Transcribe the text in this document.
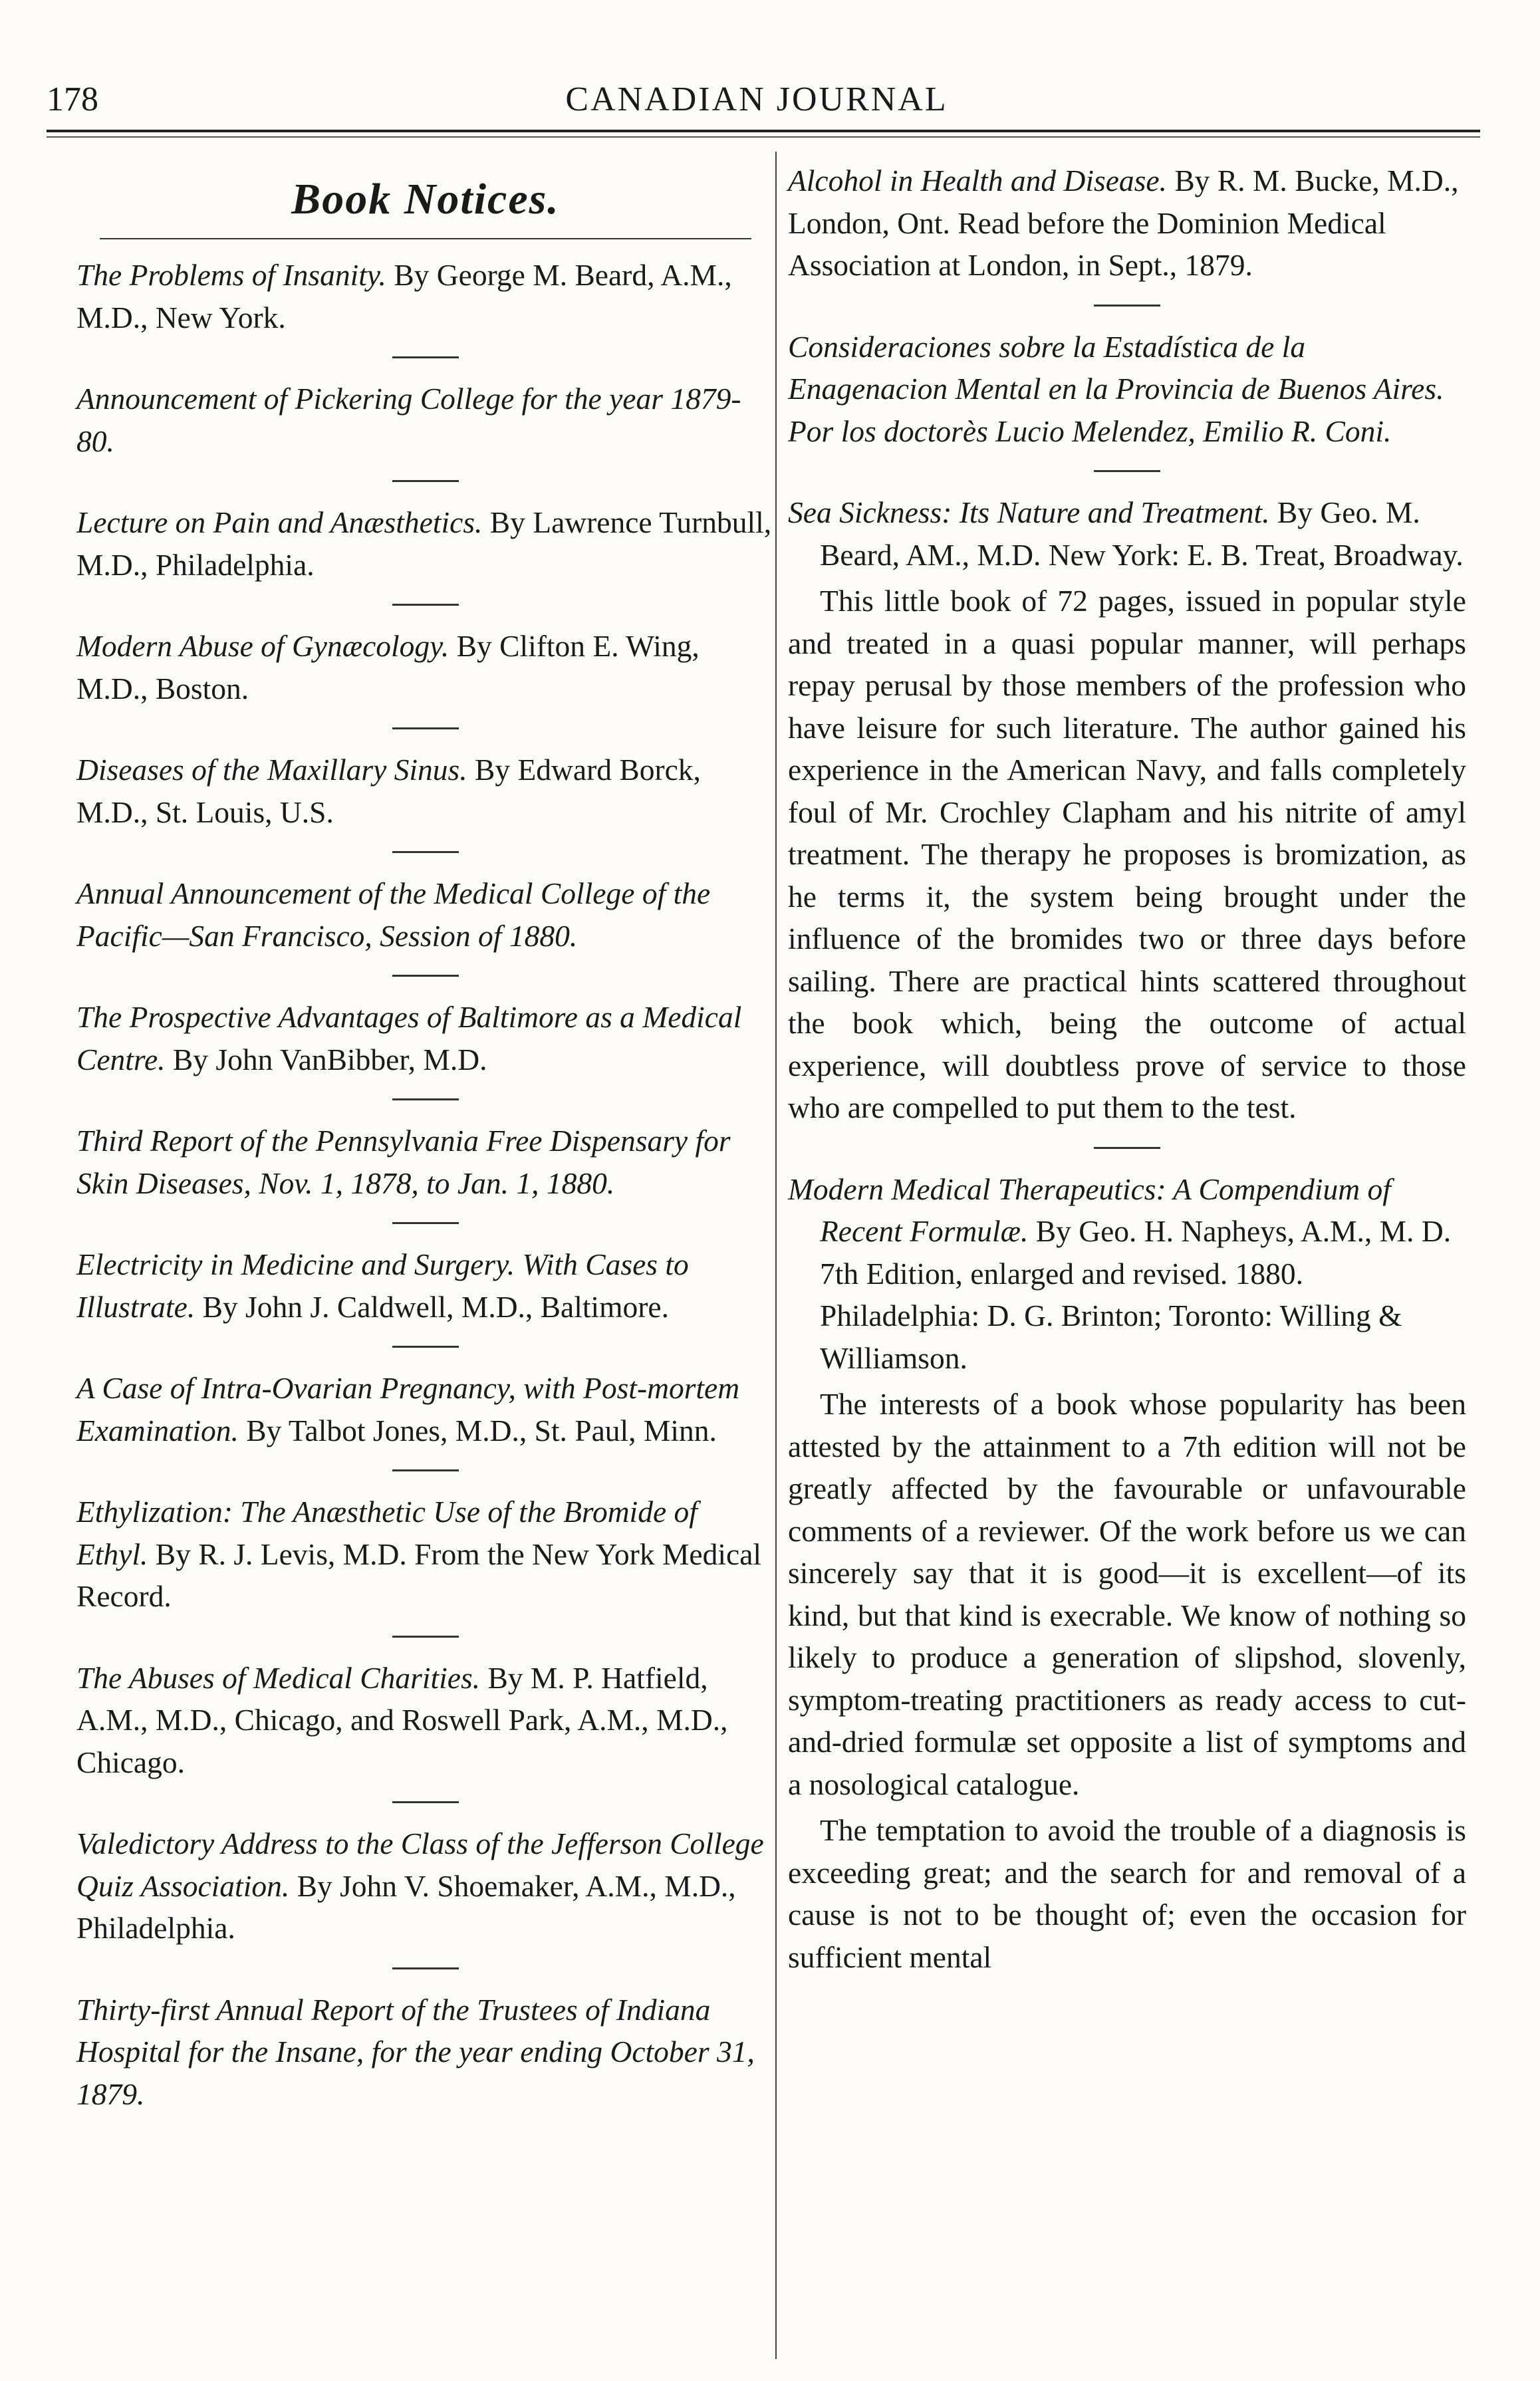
178	CANADIAN JOURNAL
Book Notices.
The Problems of Insanity. By George M. Beard, A.M., M.D., New York.
Announcement of Pickering College for the year 1879-80.
Lecture on Pain and Anæsthetics. By Lawrence Turnbull, M.D., Philadelphia.
Modern Abuse of Gynæcology. By Clifton E. Wing, M.D., Boston.
Diseases of the Maxillary Sinus. By Edward Borck, M.D., St. Louis, U.S.
Annual Announcement of the Medical College of the Pacific—San Francisco, Session of 1880.
The Prospective Advantages of Baltimore as a Medical Centre. By John VanBibber, M.D.
Third Report of the Pennsylvania Free Dispensary for Skin Diseases, Nov. 1, 1878, to Jan. 1, 1880.
Electricity in Medicine and Surgery. With Cases to Illustrate. By John J. Caldwell, M.D., Baltimore.
A Case of Intra-Ovarian Pregnancy, with Post-mortem Examination. By Talbot Jones, M.D., St. Paul, Minn.
Ethylization: The Anæsthetic Use of the Bromide of Ethyl. By R. J. Levis, M.D. From the New York Medical Record.
The Abuses of Medical Charities. By M. P. Hatfield, A.M., M.D., Chicago, and Roswell Park, A.M., M.D., Chicago.
Valedictory Address to the Class of the Jefferson College Quiz Association. By John V. Shoemaker, A.M., M.D., Philadelphia.
Thirty-first Annual Report of the Trustees of Indiana Hospital for the Insane, for the year ending October 31, 1879.
Alcohol in Health and Disease. By R. M. Bucke, M.D., London, Ont. Read before the Dominion Medical Association at London, in Sept., 1879.
Consideraciones sobre la Estadística de la Enagenacion Mental en la Provincia de Buenos Aires. Por los doctorès Lucio Melendez, Emilio R. Coni.
Sea Sickness: Its Nature and Treatment. By Geo. M. Beard, AM., M.D. New York: E. B. Treat, Broadway.

This little book of 72 pages, issued in popular style and treated in a quasi popular manner, will perhaps repay perusal by those members of the profession who have leisure for such literature. The author gained his experience in the American Navy, and falls completely foul of Mr. Crochley Clapham and his nitrite of amyl treatment. The therapy he proposes is bromization, as he terms it, the system being brought under the influence of the bromides two or three days before sailing. There are practical hints scattered throughout the book which, being the outcome of actual experience, will doubtless prove of service to those who are compelled to put them to the test.

Modern Medical Therapeutics: A Compendium of Recent Formulæ. By Geo. H. Napheys, A.M., M. D. 7th Edition, enlarged and revised. 1880. Philadelphia: D. G. Brinton; Toronto: Willing & Williamson.

The interests of a book whose popularity has been attested by the attainment to a 7th edition will not be greatly affected by the favourable or unfavourable comments of a reviewer. Of the work before us we can sincerely say that it is good—it is excellent—of its kind, but that kind is execrable. We know of nothing so likely to produce a generation of slipshod, slovenly, symptom-treating practitioners as ready access to cut-and-dried formulæ set opposite a list of symptoms and a nosological catalogue.

The temptation to avoid the trouble of a diagnosis is exceeding great; and the search for and removal of a cause is not to be thought of; even the occasion for sufficient mental
